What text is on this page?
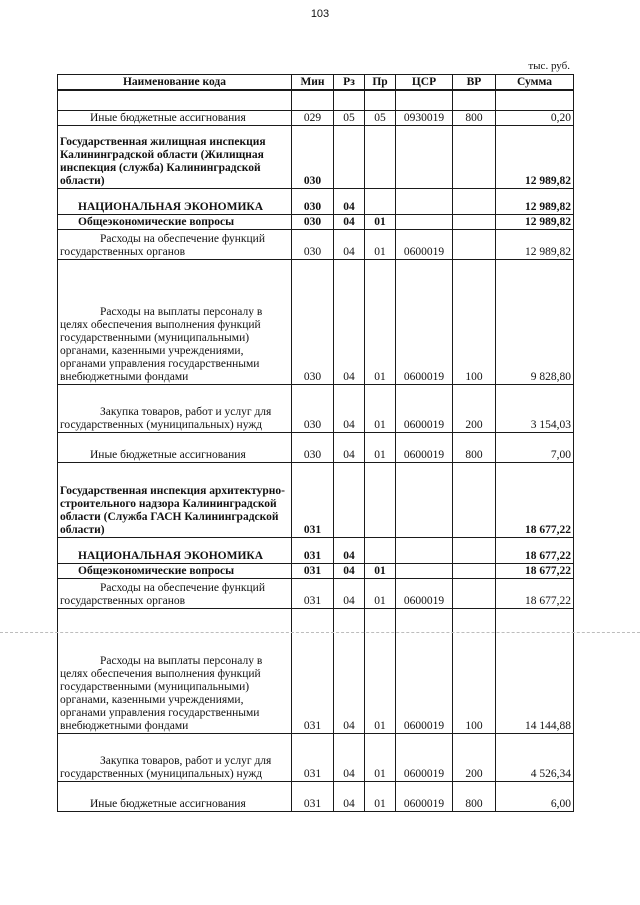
103
тыс. руб.
Наименование кода	Мин	Рз	Пр	ЦСР	ВР	Сумма

Иные бюджетные ассигнования	029	05	05	0930019	800	0,20
Государственная жилищная инспекция Калининградской области (Жилищная инспекция (служба) Калининградской области)	030					12 989,82
НАЦИОНАЛЬНАЯ ЭКОНОМИКА	030	04				12 989,82
Общеэкономические вопросы	030	04	01			12 989,82
Расходы на обеспечение функций государственных органов	030	04	01	0600019		12 989,82
Расходы на выплаты персоналу в целях обеспечения выполнения функций государственными (муниципальными) органами, казенными учреждениями, органами управления государственными внебюджетными фондами	030	04	01	0600019	100	9 828,80
Закупка товаров, работ и услуг для государственных (муниципальных) нужд	030	04	01	0600019	200	3 154,03
Иные бюджетные ассигнования	030	04	01	0600019	800	7,00
Государственная инспекция архитектурно-строительного надзора Калининградской области (Служба ГАСН Калининградской области)	031					18 677,22
НАЦИОНАЛЬНАЯ ЭКОНОМИКА	031	04				18 677,22
Общеэкономические вопросы	031	04	01			18 677,22
Расходы на обеспечение функций государственных органов	031	04	01	0600019		18 677,22
Расходы на выплаты персоналу в целях обеспечения выполнения функций государственными (муниципальными) органами, казенными учреждениями, органами управления государственными внебюджетными фондами	031	04	01	0600019	100	14 144,88
Закупка товаров, работ и услуг для государственных (муниципальных) нужд	031	04	01	0600019	200	4 526,34
Иные бюджетные ассигнования	031	04	01	0600019	800	6,00
